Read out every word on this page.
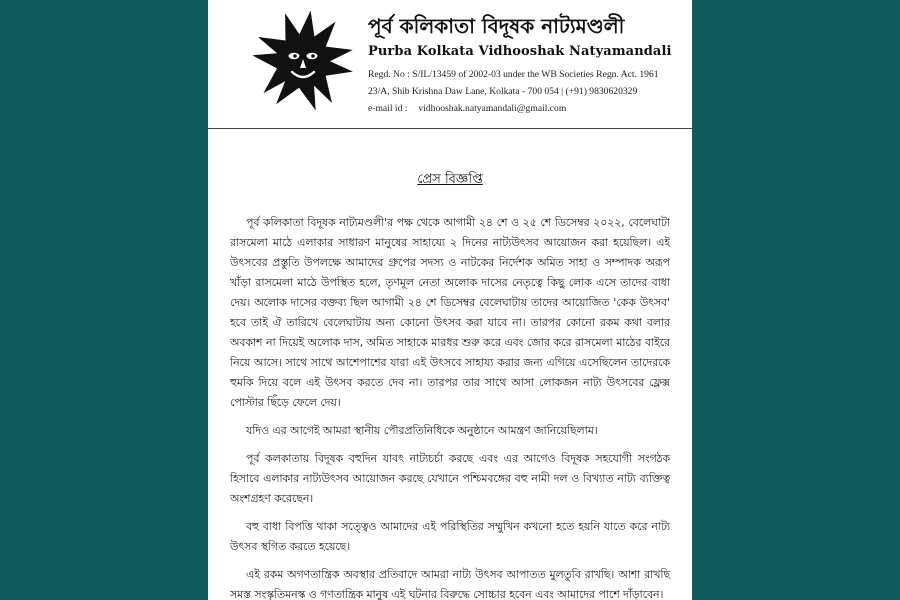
পূর্ব কলিকাতা বিদূষক নাট্যমণ্ডলী
Purba Kolkata Vidhooshak Natyamandali
Regd. No : S/IL/13459 of 2002-03 under the WB Societies Regn. Act. 1961
23/A, Shib Krishna Daw Lane, Kolkata - 700 054 | (+91) 9830620329
e-mail id : vidhooshak.natyamandali@gmail.com
প্রেস বিজ্ঞপ্তি

পূর্ব কলিকাতা বিদূষক নাট্যমণ্ডলী'র পক্ষ থেকে আগামী ২৪ শে ও ২৫ শে ডিসেম্বর ২০২২, বেলেঘাটা রাসমেলা মাঠে এলাকার সাধারণ মানুষের সাহায্যে ২ দিনের নাট্যউৎসব আয়োজন করা হয়েছিল। এই উৎসবের প্রস্তুতি উপলক্ষে আমাদের গ্রুপের সদস্য ও নাটকের নির্দেশক অমিত সাহা ও সম্পাদক অরূপ খাঁড়া রাসমেলা মাঠে উপস্থিত হলে, তৃণমূল নেতা অলোক দাসের নেতৃত্বে কিছু লোক এসে তাদের বাধা দেয়। অলোক দাসের বক্তব্য ছিল আগামী ২৪ শে ডিসেম্বর বেলেঘাটায় তাদের আয়োজিত 'কেক উৎসব' হবে তাই ঐ তারিখে বেলেঘাটায় অন্য কোনো উৎসব করা যাবে না। তারপর কোনো রকম কথা বলার অবকাশ না দিয়েই অলোক দাস, অমিত সাহাকে মারধর শুরু করে এবং জোর করে রাসমেলা মাঠের বাইরে নিয়ে আসে। সাথে সাথে আশেপাশের যারা এই উৎসবে সাহায্য করার জন্য এগিয়ে এসেছিলেন তাদেরকে হুমকি দিয়ে বলে এই উৎসব করতে দেব না। তারপর তার সাথে আসা লোকজন নাট্য উৎসবের ফ্লেক্স পোস্টার ছিঁড়ে ফেলে দেয়।

যদিও এর আগেই আমরা স্থানীয় পৌরপ্রতিনিধিকে অনুষ্ঠানে আমন্ত্রণ জানিয়েছিলাম।

পূর্ব কলকাতায় বিদূষক বহুদিন যাবৎ নাট্যচর্চা করছে এবং এর আগেও বিদূষক সহযোগী সংগঠক হিসাবে এলাকার নাট্যউৎসব আয়োজন করছে যেখানে পশ্চিমবঙ্গের বহু নামী দল ও বিখ্যাত নাট্য ব্যক্তিত্ব অংশগ্রহণ করেছেন।

বহু বাধা বিপত্তি থাকা সত্ত্বেও আমাদের এই পরিস্থিতির সম্মুখিন কখনো হতে হয়নি যাতে করে নাট্য উৎসব স্থগিত করতে হয়েছে।

এই রকম অগণতান্ত্রিক অবস্থার প্রতিবাদে আমরা নাট্য উৎসব আপাতত মুলতুবি রাখছি। আশা রাখছি সমস্ত সংস্কৃতিমনস্ক ও গণতান্ত্রিক মানুষ এই ঘটনার বিরুদ্ধে সোচ্চার হবেন এবং আমাদের পাশে দাঁড়াবেন।
